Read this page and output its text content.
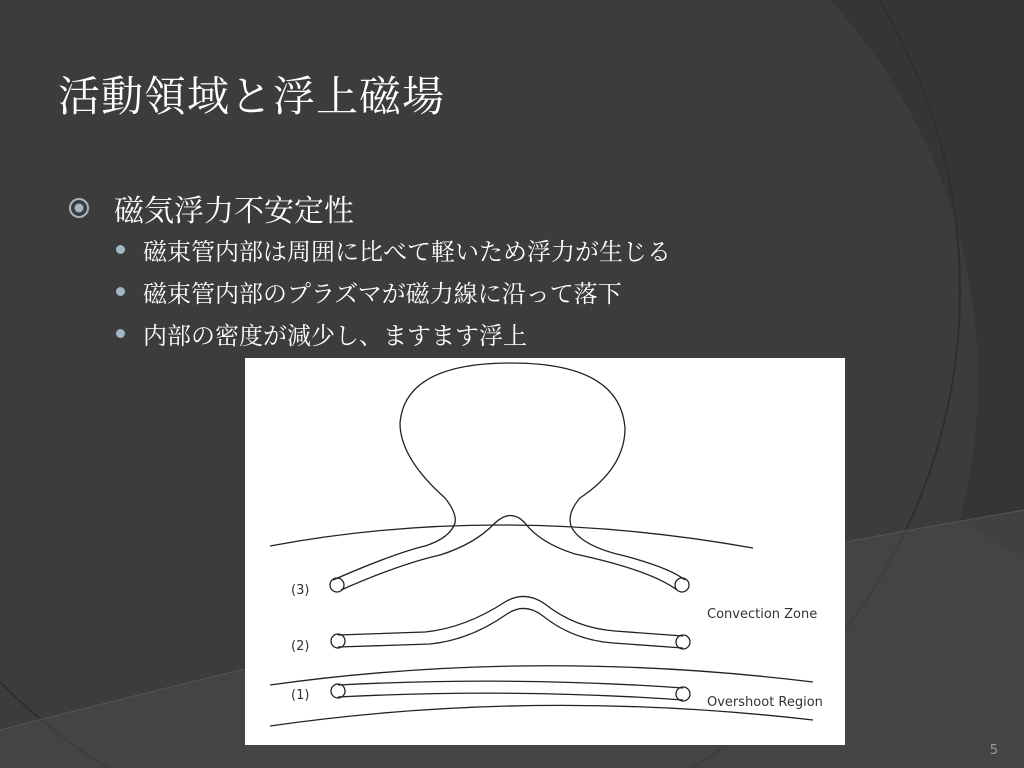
活動領域と浮上磁場
磁気浮力不安定性
磁束管内部は周囲に比べて軽いため浮力が生じる
磁束管内部のプラズマが磁力線に沿って落下
内部の密度が減少し、ますます浮上
(3)
(2)
(1)
Convection Zone
Overshoot Region
5
